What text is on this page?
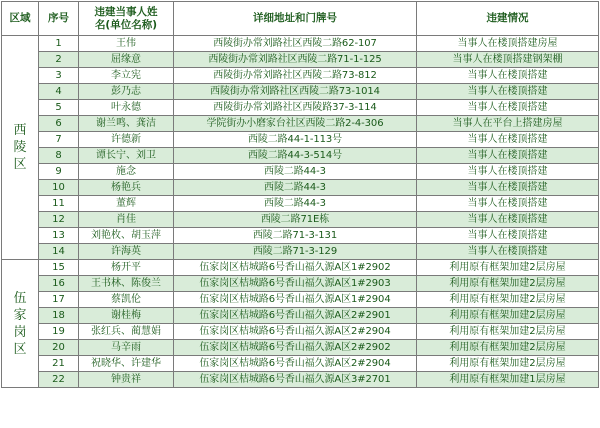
区域	序号	违建当事人姓名(单位名称)	详细地址和门牌号	违建情况

西陵区	1	王伟	西陵街办常刘路社区西陵二路62-107	当事人在楼顶搭建房屋
	2	屈缘意	西陵街办常刘路社区西陵二路71-1-125	当事人在楼顶搭建钢架棚
	3	李立宪	西陵街办常刘路社区西陵二路73-812	当事人在楼顶搭建
	4	彭乃志	西陵街办常刘路社区西陵二路73-1014	当事人在楼顶搭建
	5	叶永德	西陵街办常刘路社区西陵路37-3-114	当事人在楼顶搭建
	6	谢兰鸣、龚洁	学院街办小磨家台社区西陵二路2-4-306	当事人在平台上搭建房屋
	7	许德新	西陵二路44-1-113号	当事人在楼顶搭建
	8	谭长宁、刘卫	西陵二路44-3-514号	当事人在楼顶搭建
	9	施念	西陵二路44-3	当事人在楼顶搭建
	10	杨艳兵	西陵二路44-3	当事人在楼顶搭建
	11	董辉	西陵二路44-3	当事人在楼顶搭建
	12	肖佳	西陵二路71E栋	当事人在楼顶搭建
	13	刘艳枚、胡玉萍	西陵二路71-3-131	当事人在楼顶搭建
	14	许海英	西陵二路71-3-129	当事人在楼顶搭建

伍家岗区	15	杨开平	伍家岗区桔城路6号香山福久源A区1#2902	利用原有框架加建2层房屋
	16	王书林、陈俊兰	伍家岗区桔城路6号香山福久源A区1#2903	利用原有框架加建2层房屋
	17	蔡凯伦	伍家岗区桔城路6号香山福久源A区1#2904	利用原有框架加建2层房屋
	18	谢桂梅	伍家岗区桔城路6号香山福久源A区2#2901	利用原有框架加建2层房屋
	19	张红兵、蔺慧娟	伍家岗区桔城路6号香山福久源A区2#2904	利用原有框架加建2层房屋
	20	马辛雨	伍家岗区桔城路6号香山福久源A区2#2902	利用原有框架加建2层房屋
	21	祝晓华、许建华	伍家岗区桔城路6号香山福久源A区2#2904	利用原有框架加建2层房屋
	22	钟贵祥	伍家岗区桔城路6号香山福久源A区3#2701	利用原有框架加建1层房屋
